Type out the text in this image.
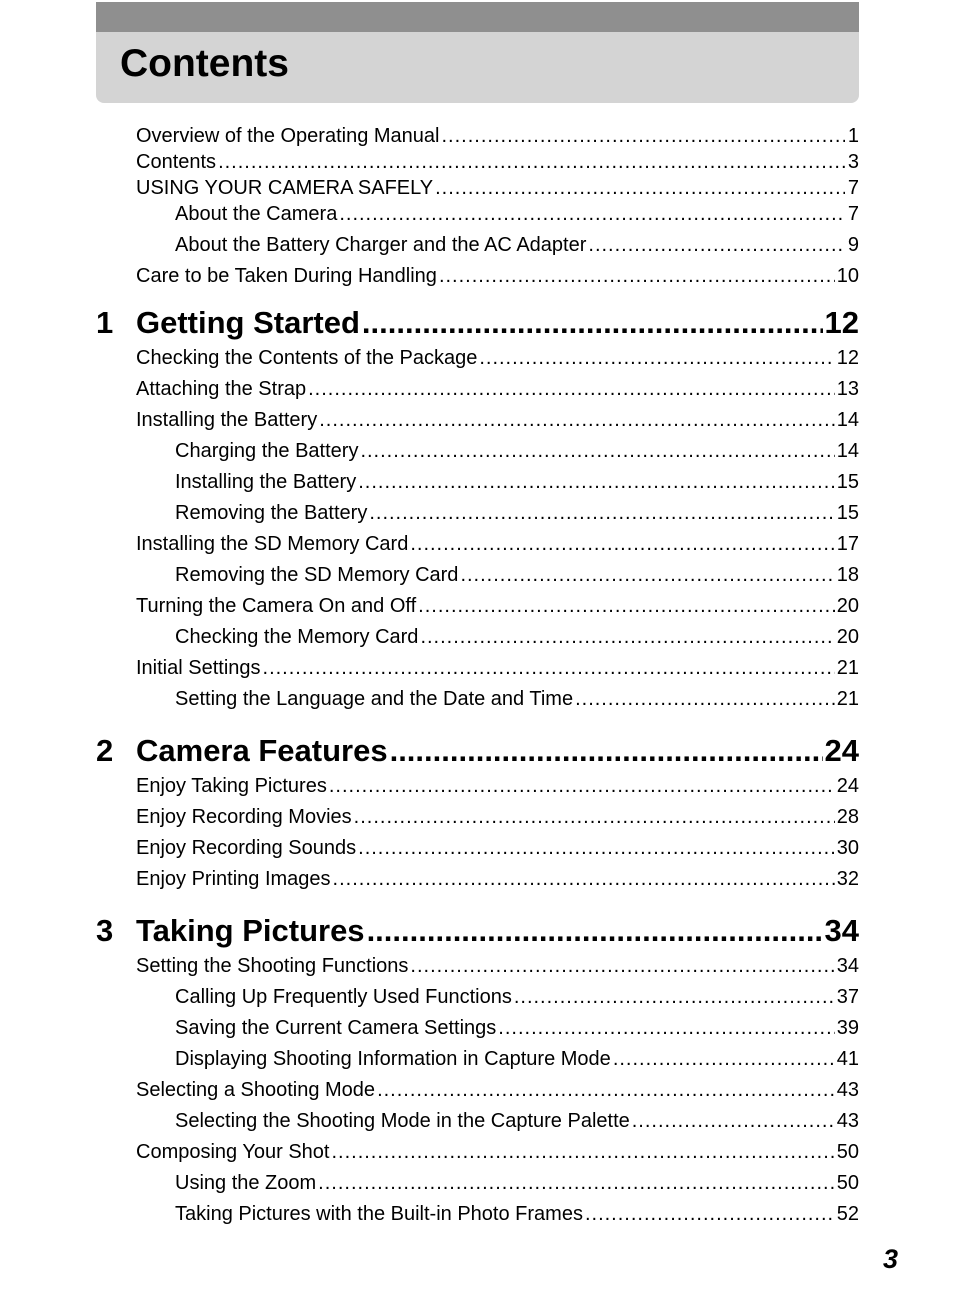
Contents
Overview of the Operating Manual .....	1
Contents .....	3
USING YOUR CAMERA SAFELY .....	7
About the Camera .....	7
About the Battery Charger and the AC Adapter .....	9
Care to be Taken During Handling .....	10
1 Getting Started .....	12
Checking the Contents of the Package .....	12
Attaching the Strap .....	13
Installing the Battery .....	14
Charging the Battery .....	14
Installing the Battery .....	15
Removing the Battery .....	15
Installing the SD Memory Card .....	17
Removing the SD Memory Card .....	18
Turning the Camera On and Off .....	20
Checking the Memory Card .....	20
Initial Settings .....	21
Setting the Language and the Date and Time .....	21
2 Camera Features .....	24
Enjoy Taking Pictures .....	24
Enjoy Recording Movies .....	28
Enjoy Recording Sounds .....	30
Enjoy Printing Images .....	32
3 Taking Pictures .....	34
Setting the Shooting Functions .....	34
Calling Up Frequently Used Functions .....	37
Saving the Current Camera Settings .....	39
Displaying Shooting Information in Capture Mode .....	41
Selecting a Shooting Mode .....	43
Selecting the Shooting Mode in the Capture Palette .....	43
Composing Your Shot .....	50
Using the Zoom .....	50
Taking Pictures with the Built-in Photo Frames .....	52
3
